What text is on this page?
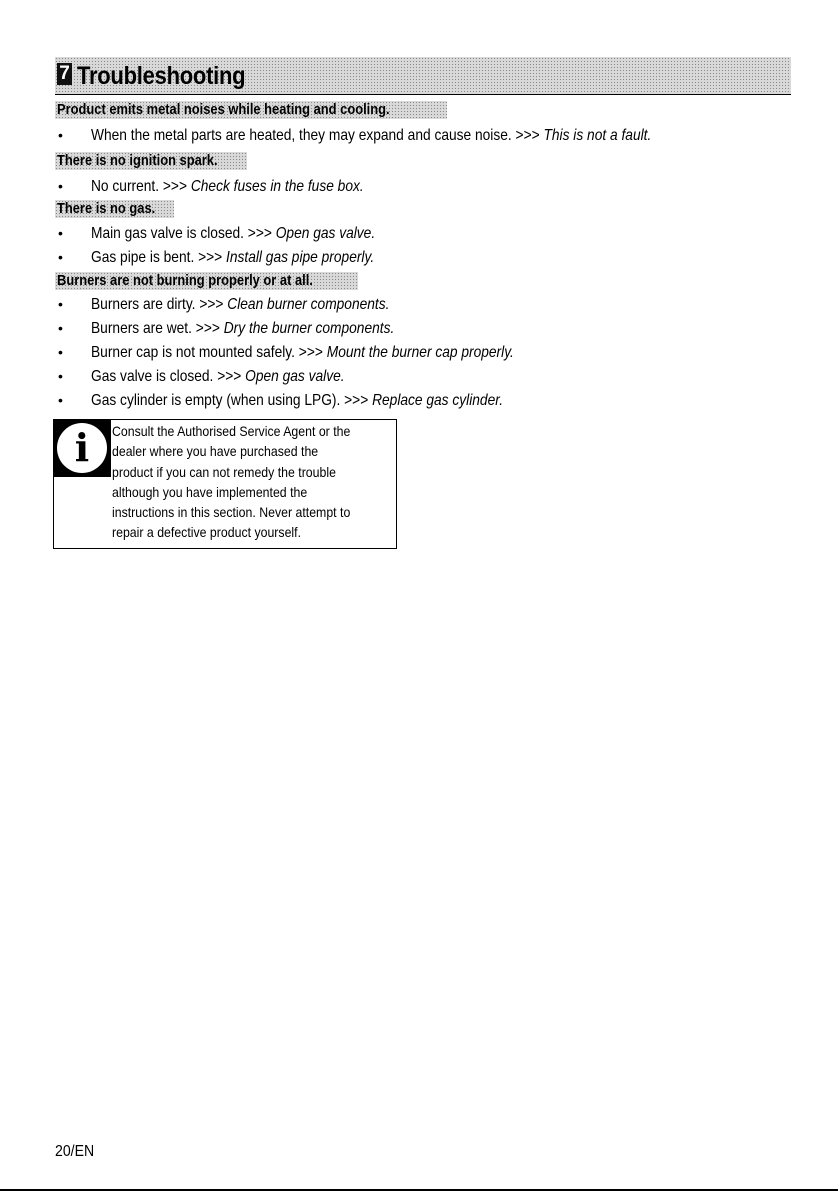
7 Troubleshooting
Product emits metal noises while heating and cooling.
• When the metal parts are heated, they may expand and cause noise. >>> This is not a fault.
There is no ignition spark.
• No current. >>> Check fuses in the fuse box.
There is no gas.
• Main gas valve is closed. >>> Open gas valve.
• Gas pipe is bent. >>> Install gas pipe properly.
Burners are not burning properly or at all.
• Burners are dirty. >>> Clean burner components.
• Burners are wet. >>> Dry the burner components.
• Burner cap is not mounted safely. >>> Mount the burner cap properly.
• Gas valve is closed. >>> Open gas valve.
• Gas cylinder is empty (when using LPG). >>> Replace gas cylinder.
i	Consult the Authorised Service Agent or the
dealer where you have purchased the
product if you can not remedy the trouble
although you have implemented the
instructions in this section. Never attempt to
repair a defective product yourself.
20/EN
